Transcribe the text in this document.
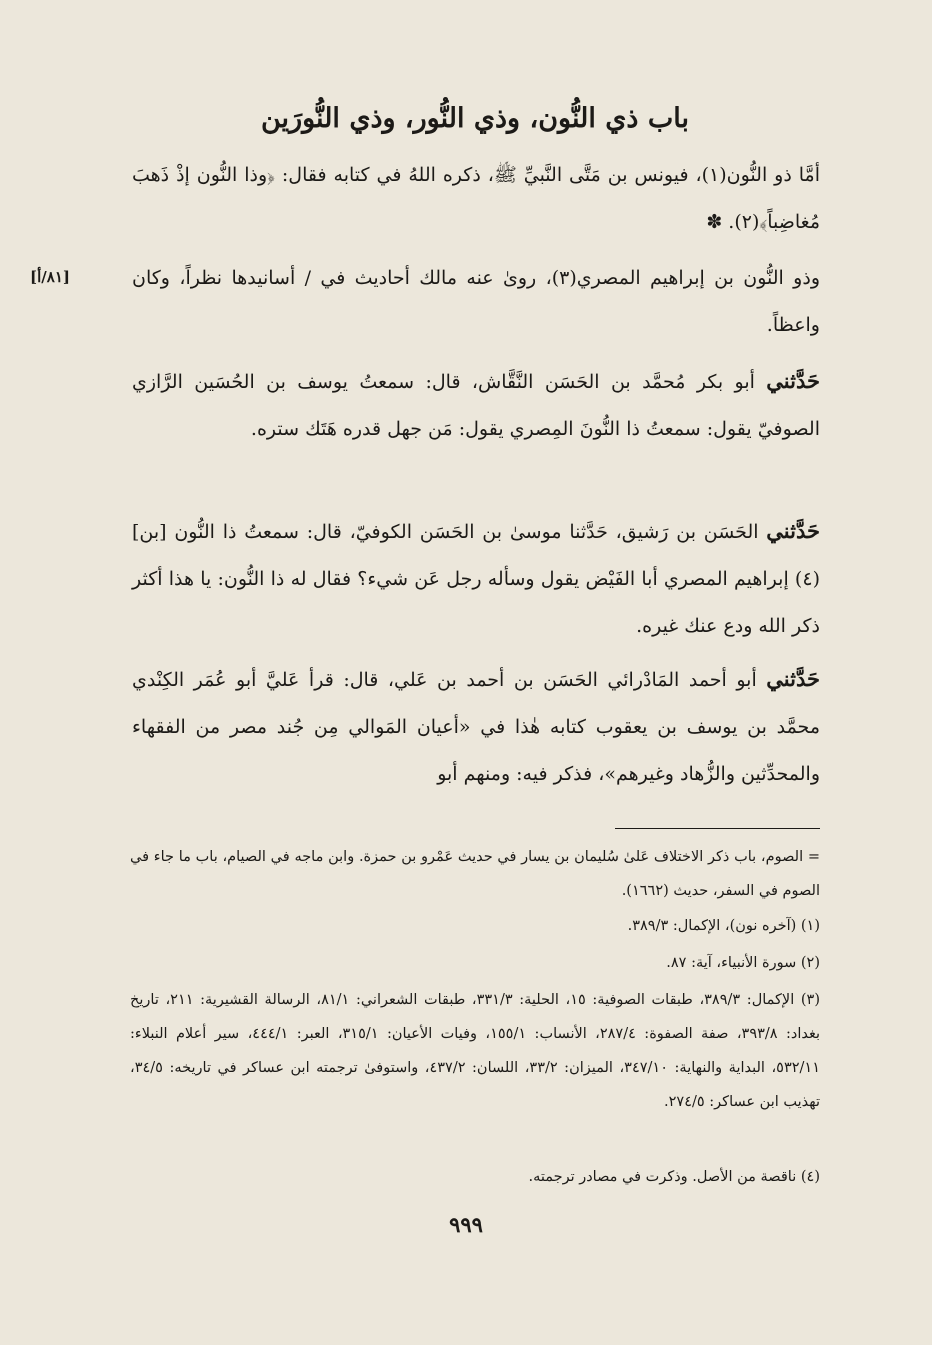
باب ذي النُّون، وذي النُّور، وذي النُّورَين
[٨١/أ]
أمَّا ذو النُّون(١)، فيونس بن مَتَّى النَّبيِّ ﷺ، ذكره اللهُ في كتابه فقال: ﴿وذا النُّون إذْ ذَهبَ مُغاضِباً﴾(٢). ✽
وذو النُّون بن إبراهيم المصري(٣)، روىٰ عنه مالك أحاديث في / أسانيدها نظراً، وكان واعظاً.
حَدَّثني أبو بكر مُحمَّد بن الحَسَن النَّقَّاش، قال: سمعتُ يوسف بن الحُسَين الرَّازي الصوفيّ يقول: سمعتُ ذا النُّونَ المِصري يقول: مَن جهل قدره هَتَك ستره.
حَدَّثني الحَسَن بن رَشيق، حَدَّثنا موسىٰ بن الحَسَن الكوفيّ، قال: سمعتُ ذا النُّون [بن](٤) إبراهيم المصري أبا الفَيْض يقول وسأله رجل عَن شيء؟ فقال له ذا النُّون: يا هذا أكثر ذكر الله ودع عنك غيره.
حَدَّثني أبو أحمد المَادْرائي الحَسَن بن أحمد بن عَلي، قال: قرأ عَليَّ أبو عُمَر الكِنْدي محمَّد بن يوسف بن يعقوب كتابه هٰذا في «أعيان المَوالي مِن جُند مصر من الفقهاء والمحدِّثين والزُّهاد وغيرهم»، فذكر فيه: ومنهم أبو
= الصوم، باب ذكر الاختلاف عَلىٰ سُليمان بن يسار في حديث عَمْرو بن حمزة. وابن ماجه في الصيام، باب ما جاء في الصوم في السفر، حديث (١٦٦٢).
(١) (آخره نون)، الإكمال: ٣٨٩/٣.
(٢) سورة الأنبياء، آية: ٨٧.
(٣) الإكمال: ٣٨٩/٣، طبقات الصوفية: ١٥، الحلية: ٣٣١/٣، طبقات الشعراني: ٨١/١، الرسالة القشيرية: ٢١١، تاريخ بغداد: ٣٩٣/٨، صفة الصفوة: ٢٨٧/٤، الأنساب: ١٥٥/١، وفيات الأعيان: ٣١٥/١، العبر: ٤٤٤/١، سير أعلام النبلاء: ٥٣٢/١١، البداية والنهاية: ٣٤٧/١٠، الميزان: ٣٣/٢، اللسان: ٤٣٧/٢، واستوفىٰ ترجمته ابن عساكر في تاريخه: ٣٤/٥، تهذيب ابن عساكر: ٢٧٤/٥.
(٤) ناقصة من الأصل. وذكرت في مصادر ترجمته.
٩٩٩
